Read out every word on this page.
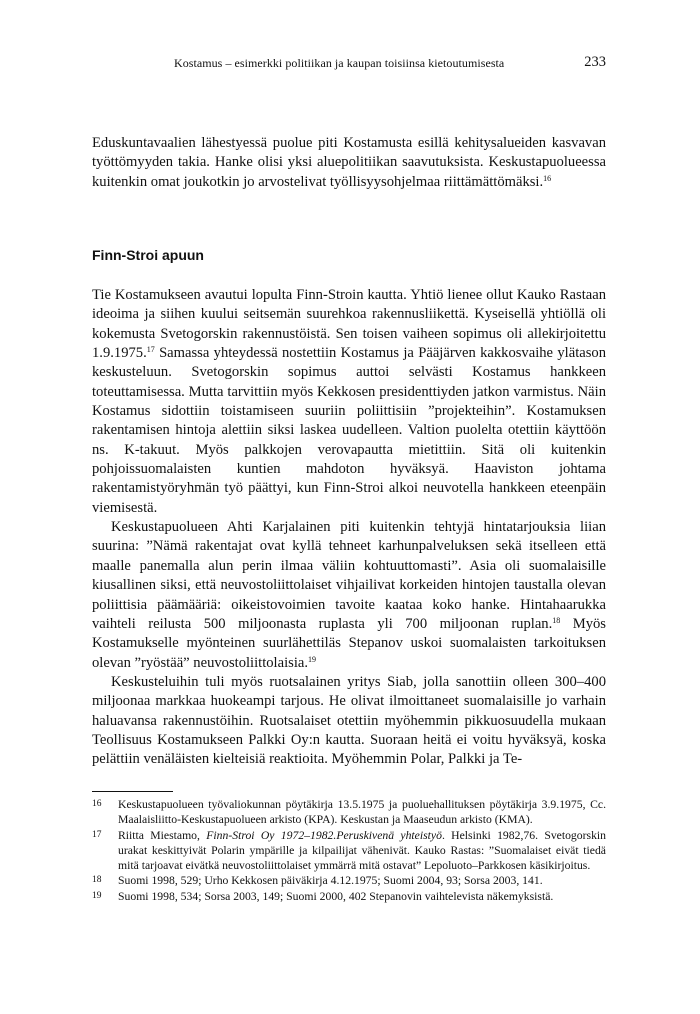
Kostamus – esimerkki politiikan ja kaupan toisiinsa kietoutumisesta	233

Eduskuntavaalien lähestyessä puolue piti Kostamusta esillä kehitysalueiden kasvavan työttömyyden takia. Hanke olisi yksi aluepolitiikan saavutuksista. Keskustapuolueessa kuitenkin omat joukotkin jo arvostelivat työllisyysohjelmaa riittämättömäksi.$^{16}$

Finn-Stroi apuun

Tie Kostamukseen avautui lopulta Finn-Stroin kautta. Yhtiö lienee ollut Kauko Rastaan ideoima ja siihen kuului seitsemän suurehkoa rakennusliikettä. Kyseisellä yhtiöllä oli kokemusta Svetogorskin rakennustöistä. Sen toisen vaiheen sopimus oli allekirjoitettu 1.9.1975.17 Samassa yhteydessä nostettiin Kostamus ja Pääjärven kakkosvaihe ylätason keskusteluun. Svetogorskin sopimus auttoi selvästi Kostamus hankkeen toteuttamisessa. Mutta tarvittiin myös Kekkosen presidenttiyden jatkon varmistus. Näin Kostamus sidottiin toistamiseen suuriin poliittisiin ”projekteihin”. Kostamuksen rakentamisen hintoja alettiin siksi laskea uudelleen. Valtion puolelta otettiin käyttöön ns. K-takuut. Myös palkkojen verovapautta mietittiin. Sitä oli kuitenkin pohjoissuomalaisten kuntien mahdoton hyväksyä. Haaviston johtama rakentamistyöryhmän työ päättyi, kun Finn-Stroi alkoi neuvotella hankkeen eteenpäin viemisestä.

Keskustapuolueen Ahti Karjalainen piti kuitenkin tehtyjä hintatarjouksia liian suurina: ”Nämä rakentajat ovat kyllä tehneet karhunpalveluksen sekä itselleen että maalle panemalla alun perin ilmaa väliin kohtuuttomasti”. Asia oli suomalaisille kiusallinen siksi, että neuvostoliittolaiset vihjailivat korkeiden hintojen taustalla olevan poliittisia päämääriä: oikeistovoimien tavoite kaataa koko hanke. Hintahaarukka vaihteli reilusta 500 miljoonasta ruplasta yli 700 miljoonan ruplan.$^{18}$ Myös Kostamukselle myönteinen suurlähettiläs Stepanov uskoi suomalaisten tarkoituksen olevan ”ryöstää” neuvostoliittolaisia.$^{19}$

Keskusteluihin tuli myös ruotsalainen yritys Siab, jolla sanottiin olleen 300–400 miljoonaa markkaa huokeampi tarjous. He olivat ilmoittaneet suomalaisille jo varhain haluavansa rakennustöihin. Ruotsalaiset otettiin myöhemmin pikkuosuudella mukaan Teollisuus Kostamukseen Palkki Oy:n kautta. Suoraan heitä ei voitu hyväksyä, koska pelättiin venäläisten kielteisiä reaktioita. Myöhemmin Polar, Palkki ja Te-

16 Keskustapuolueen työvaliokunnan pöytäkirja 13.5.1975 ja puoluehallituksen pöytäkirja 3.9.1975, Cc. Maalaisliitto-Keskustapuolueen arkisto (KPA). Keskustan ja Maaseudun arkisto (KMA).
17 Riitta Miestamo, Finn-Stroi Oy 1972–1982.Peruskivenä yhteistyö. Helsinki 1982,76. Svetogorskin urakat keskittyivät Polarin ympärille ja kilpailijat vähenivät. Kauko Rastas: ”Suomalaiset eivät tiedä mitä tarjoavat eivätkä neuvostoliittolaiset ymmärrä mitä ostavat” Lepoluoto–Parkkosen käsikirjoitus.
18 Suomi 1998, 529; Urho Kekkosen päiväkirja 4.12.1975; Suomi 2004, 93; Sorsa 2003, 141.
19 Suomi 1998, 534; Sorsa 2003, 149; Suomi 2000, 402 Stepanovin vaihtelevista näkemyksistä.
